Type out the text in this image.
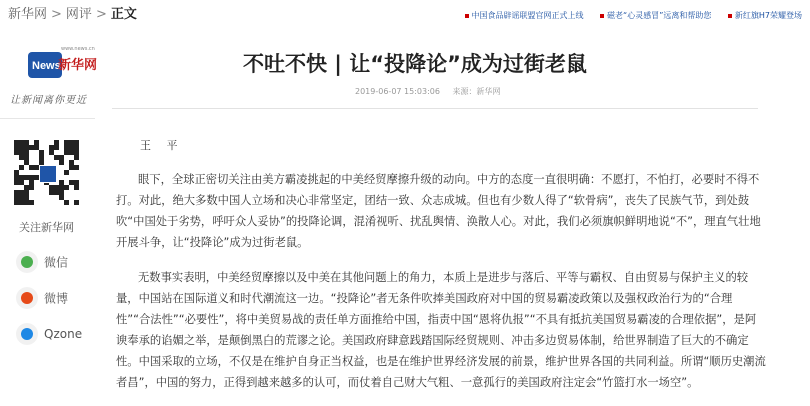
新华网 > 网评 > 正文	中国食品辟谣联盟官网正式上线	磁老“心灵感冒”远离和帮助您	新红旗H7荣耀登场
News
www.news.cn
新华网
让新闻离你更近
不吐不快 | 让“投降论”成为过街老鼠
2019-06-07 15:03:06 来源：新华网
关注新华网
微信
微博
Qzone
王 平

眼下，全球正密切关注由美方霸凌挑起的中美经贸摩擦升级的动向。中方的态度一直很明确：不愿打，不怕打，必要时不得不打。对此，绝大多数中国人立场和决心非常坚定，团结一致、众志成城。但也有少数人得了“软骨病”，丧失了民族气节，到处鼓吹“中国处于劣势，呼吁众人妥协”的投降论调，混淆视听、扰乱舆情、涣散人心。对此，我们必须旗帜鲜明地说“不”，理直气壮地开展斗争，让“投降论”成为过街老鼠。

无数事实表明，中美经贸摩擦以及中美在其他问题上的角力，本质上是进步与落后、平等与霸权、自由贸易与保护主义的较量，中国站在国际道义和时代潮流这一边。“投降论”者无条件吹捧美国政府对中国的贸易霸凌政策以及强权政治行为的“合理性”“合法性”“必要性”，将中美贸易战的责任单方面推给中国，指责中国“恩将仇报”“不具有抵抗美国贸易霸凌的合理依据”，是阿谀奉承的谄媚之举，是颠倒黑白的荒谬之论。美国政府肆意践踏国际经贸规则、冲击多边贸易体制，给世界制造了巨大的不确定性。中国采取的立场，不仅是在维护自身正当权益，也是在维护世界经济发展的前景，维护世界各国的共同利益。所谓“顺历史潮流者昌”，中国的努力，正得到越来越多的认可，而仗着自己财大气粗、一意孤行的美国政府注定会“竹篮打水一场空”。
